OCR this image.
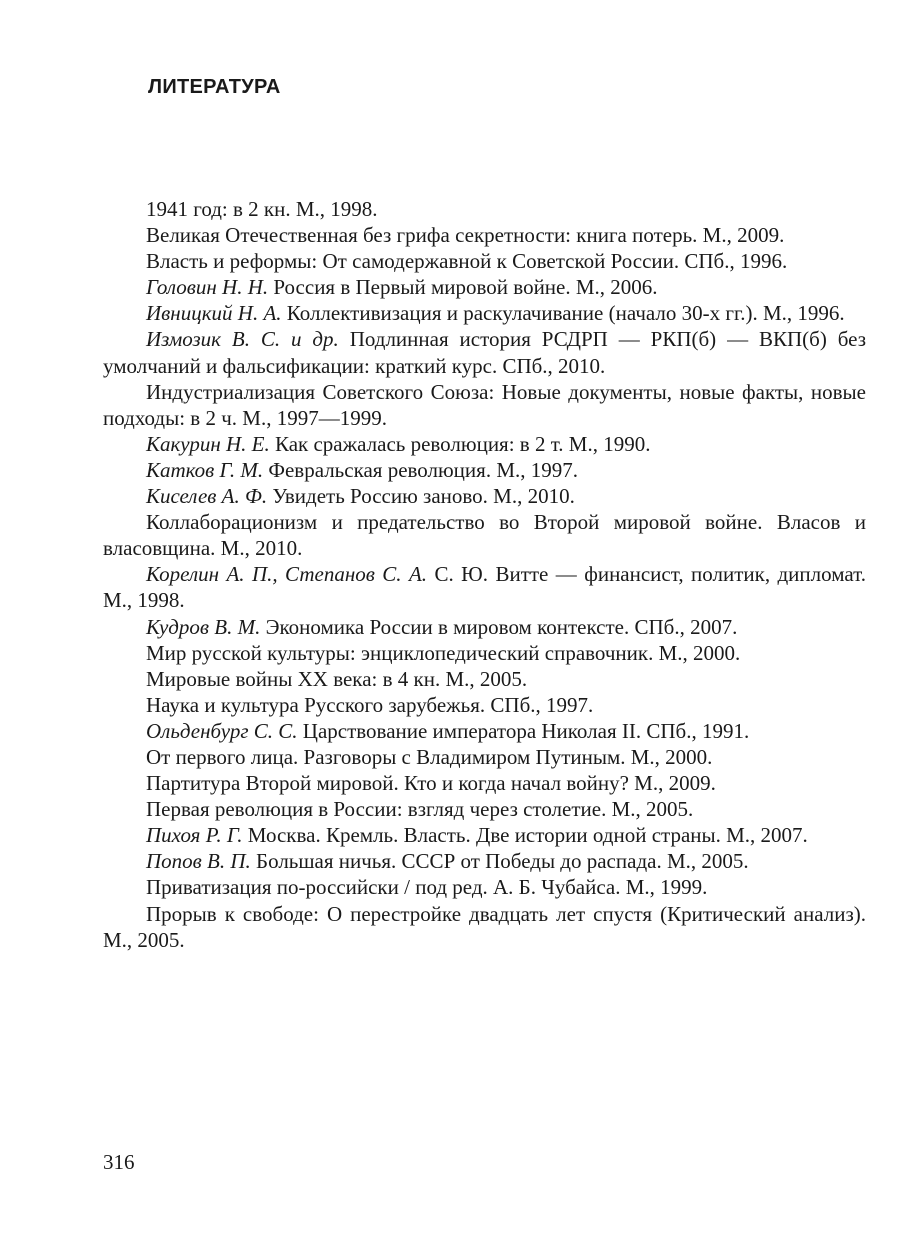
ЛИТЕРАТУРА

1941 год: в 2 кн. М., 1998.

Великая Отечественная без грифа секретности: книга потерь. М., 2009.

Власть и реформы: От самодержавной к Советской России. СПб., 1996.

Головин Н. Н. Россия в Первый мировой войне. М., 2006.

Ивницкий Н. А. Коллективизация и раскулачивание (начало 30-х гг.). М., 1996.

Измозик В. С. и др. Подлинная история РСДРП — РКП(б) — ВКП(б) без умолчаний и фальсификации: краткий курс. СПб., 2010.

Индустриализация Советского Союза: Новые документы, новые факты, новые подходы: в 2 ч. М., 1997—1999.

Какурин Н. Е. Как сражалась революция: в 2 т. М., 1990.

Катков Г. М. Февральская революция. М., 1997.

Киселев А. Ф. Увидеть Россию заново. М., 2010.

Коллаборационизм и предательство во Второй мировой войне. Власов и власовщина. М., 2010.

Корелин А. П., Степанов С. А. С. Ю. Витте — финансист, политик, дипломат. М., 1998.

Кудров В. М. Экономика России в мировом контексте. СПб., 2007.

Мир русской культуры: энциклопедический справочник. М., 2000.

Мировые войны XX века: в 4 кн. М., 2005.

Наука и культура Русского зарубежья. СПб., 1997.

Ольденбург С. С. Царствование императора Николая II. СПб., 1991.

От первого лица. Разговоры с Владимиром Путиным. М., 2000.

Партитура Второй мировой. Кто и когда начал войну? М., 2009.

Первая революция в России: взгляд через столетие. М., 2005.

Пихоя Р. Г. Москва. Кремль. Власть. Две истории одной страны. М., 2007.

Попов В. П. Большая ничья. СССР от Победы до распада. М., 2005.

Приватизация по-российски / под ред. А. Б. Чубайса. М., 1999.

Прорыв к свободе: О перестройке двадцать лет спустя (Критический анализ). М., 2005.

316
